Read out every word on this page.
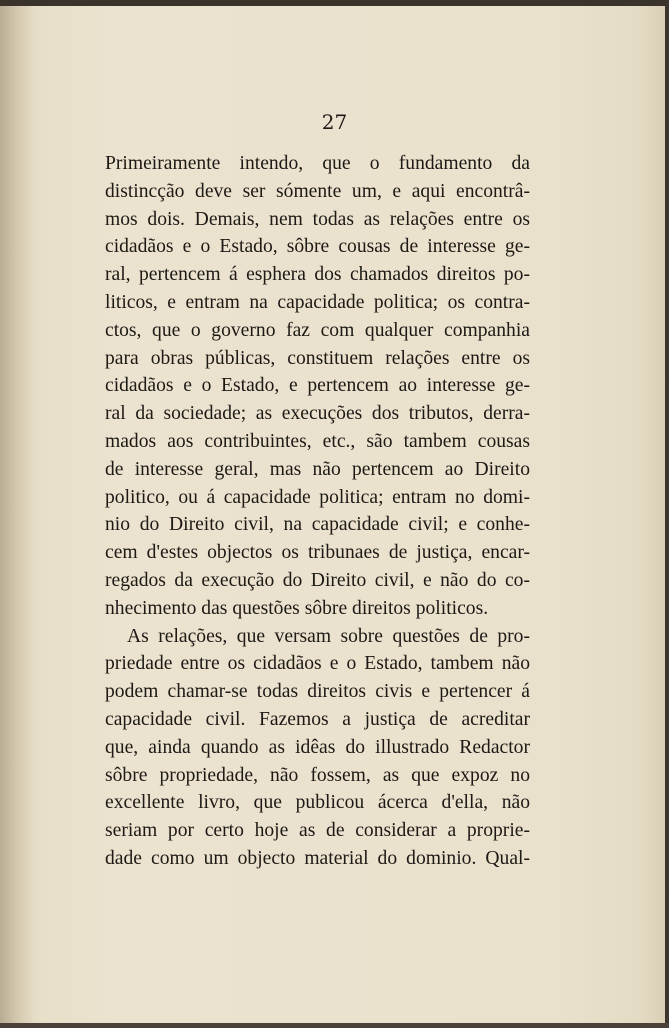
27
Primeiramente intendo, que o fundamento da
distincção deve ser sómente um, e aqui encontrâ-
mos dois. Demais, nem todas as relações entre os
cidadãos e o Estado, sôbre cousas de interesse ge-
ral, pertencem á esphera dos chamados direitos po-
liticos, e entram na capacidade politica; os contra-
ctos, que o governo faz com qualquer companhia
para obras públicas, constituem relações entre os
cidadãos e o Estado, e pertencem ao interesse ge-
ral da sociedade; as execuções dos tributos, derra-
mados aos contribuintes, etc., são tambem cousas
de interesse geral, mas não pertencem ao Direito
politico, ou á capacidade politica; entram no domi-
nio do Direito civil, na capacidade civil; e conhe-
cem d'estes objectos os tribunaes de justiça, encar-
regados da execução do Direito civil, e não do co-
nhecimento das questões sôbre direitos politicos.
As relações, que versam sobre questões de pro-
priedade entre os cidadãos e o Estado, tambem não
podem chamar-se todas direitos civis e pertencer á
capacidade civil. Fazemos a justiça de acreditar
que, ainda quando as idêas do illustrado Redactor
sôbre propriedade, não fossem, as que expoz no
excellente livro, que publicou ácerca d'ella, não
seriam por certo hoje as de considerar a proprie-
dade como um objecto material do dominio. Qual-
